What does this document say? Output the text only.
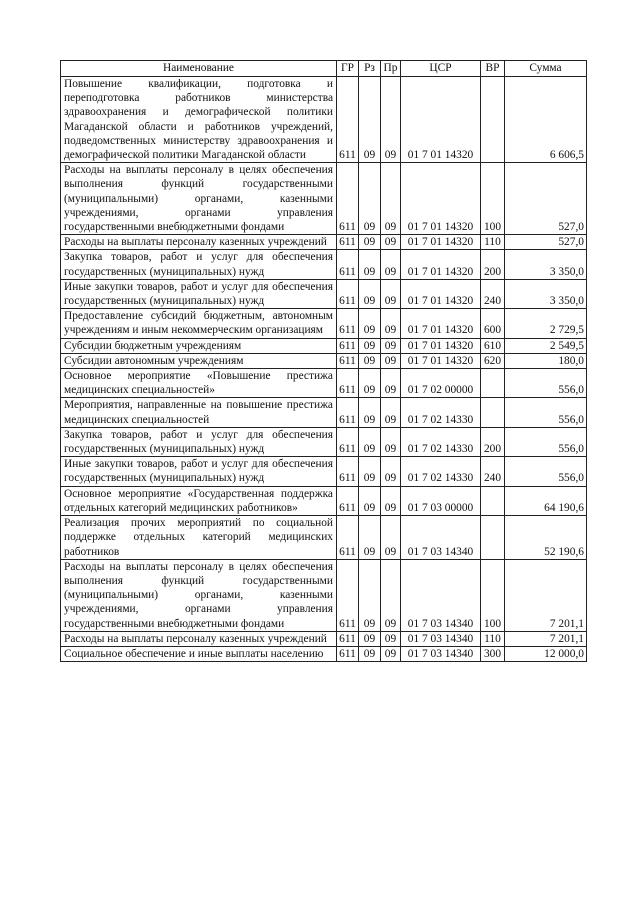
Наименование	ГР	Рз	Пр	ЦСР	ВР	Сумма
Повышение квалификации, подготовка и переподготовка работников министерства здравоохранения и демографической политики Магаданской области и работников учреждений, подведомственных министерству здравоохранения и демографической политики Магаданской области	611	09	09	01 7 01 14320		6 606,5
Расходы на выплаты персоналу в целях обеспечения выполнения функций государственными (муниципальными) органами, казенными учреждениями, органами управления государственными внебюджетными фондами	611	09	09	01 7 01 14320	100	527,0
Расходы на выплаты персоналу казенных учреждений	611	09	09	01 7 01 14320	110	527,0
Закупка товаров, работ и услуг для обеспечения государственных (муниципальных) нужд	611	09	09	01 7 01 14320	200	3 350,0
Иные закупки товаров, работ и услуг для обеспечения государственных (муниципальных) нужд	611	09	09	01 7 01 14320	240	3 350,0
Предоставление субсидий бюджетным, автономным учреждениям и иным некоммерческим организациям	611	09	09	01 7 01 14320	600	2 729,5
Субсидии бюджетным учреждениям	611	09	09	01 7 01 14320	610	2 549,5
Субсидии автономным учреждениям	611	09	09	01 7 01 14320	620	180,0
Основное мероприятие «Повышение престижа медицинских специальностей»	611	09	09	01 7 02 00000		556,0
Мероприятия, направленные на повышение престижа медицинских специальностей	611	09	09	01 7 02 14330		556,0
Закупка товаров, работ и услуг для обеспечения государственных (муниципальных) нужд	611	09	09	01 7 02 14330	200	556,0
Иные закупки товаров, работ и услуг для обеспечения государственных (муниципальных) нужд	611	09	09	01 7 02 14330	240	556,0
Основное мероприятие «Государственная поддержка отдельных категорий медицинских работников»	611	09	09	01 7 03 00000		64 190,6
Реализация прочих мероприятий по социальной поддержке отдельных категорий медицинских работников	611	09	09	01 7 03 14340		52 190,6
Расходы на выплаты персоналу в целях обеспечения выполнения функций государственными (муниципальными) органами, казенными учреждениями, органами управления государственными внебюджетными фондами	611	09	09	01 7 03 14340	100	7 201,1
Расходы на выплаты персоналу казенных учреждений	611	09	09	01 7 03 14340	110	7 201,1
Социальное обеспечение и иные выплаты населению	611	09	09	01 7 03 14340	300	12 000,0
